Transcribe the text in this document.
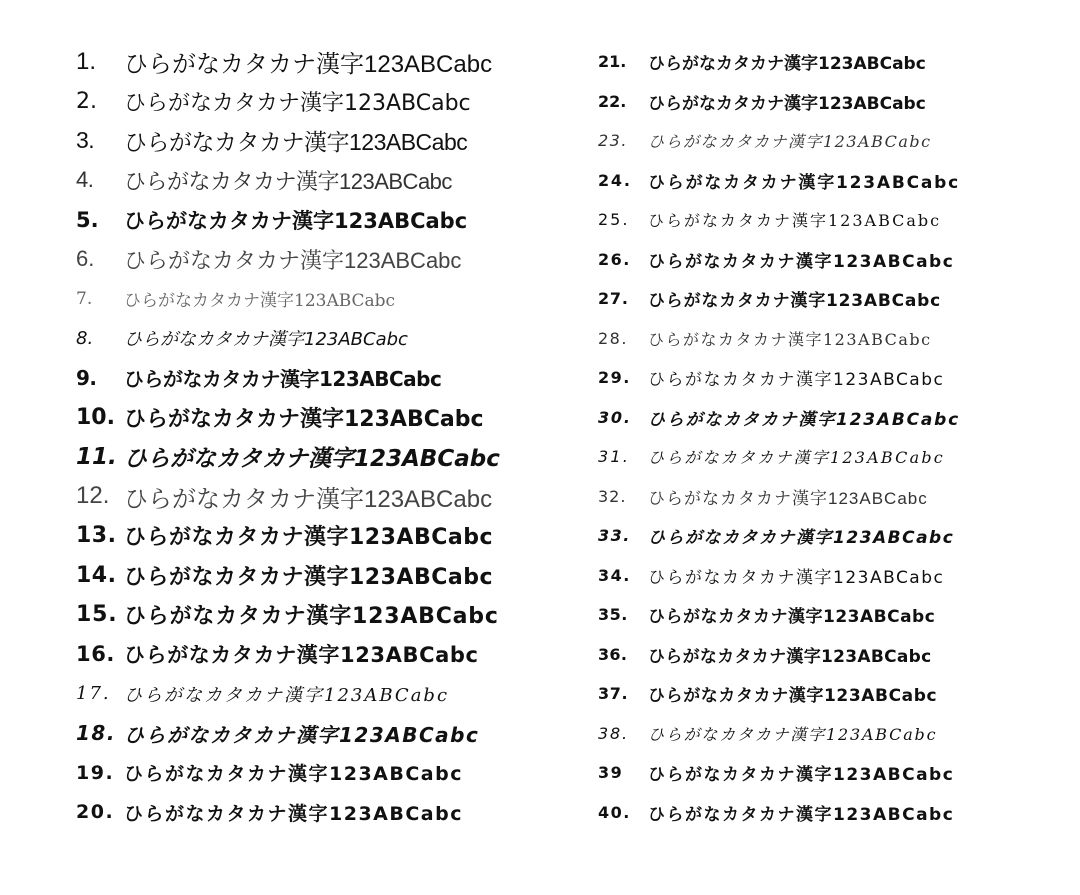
1.	ひらがなカタカナ漢字123ABCabc
2.	ひらがなカタカナ漢字123ABCabc
3.	ひらがなカタカナ漢字123ABCabc
4.	ひらがなカタカナ漢字123ABCabc
5.	ひらがなカタカナ漢字123ABCabc
6.	ひらがなカタカナ漢字123ABCabc
7.	ひらがなカタカナ漢字123ABCabc
8.	ひらがなカタカナ漢字123ABCabc
9.	ひらがなカタカナ漢字123ABCabc
10. ひらがなカタカナ漢字123ABCabc
11. ひらがなカタカナ漢字123ABCabc
12. ひらがなカタカナ漢字123ABCabc
13. ひらがなカタカナ漢字123ABCabc
14. ひらがなカタカナ漢字123ABCabc
15. ひらがなカタカナ漢字123ABCabc
16. ひらがなカタカナ漢字123ABCabc
17. ひらがなカタカナ漢字123ABCabc
18. ひらがなカタカナ漢字123ABCabc
19. ひらがなカタカナ漢字123ABCabc
20. ひらがなカタカナ漢字123ABCabc
21.	ひらがなカタカナ漢字123ABCabc
22.	ひらがなカタカナ漢字123ABCabc
23.	ひらがなカタカナ漢字123ABCabc
24. ひらがなカタカナ漢字123ABCabc
25.	ひらがなカタカナ漢字123ABCabc
26.	ひらがなカタカナ漢字123ABCabc
27.	ひらがなカタカナ漢字123ABCabc
28.	ひらがなカタカナ漢字123ABCabc
29.	ひらがなカタカナ漢字123ABCabc
30. ひらがなカタカナ漢字123ABCabc
31.	ひらがなカタカナ漢字123ABCabc
32.	ひらがなカタカナ漢字123ABCabc
33.	ひらがなカタカナ漢字123ABCabc
34.	ひらがなカタカナ漢字123ABCabc
35.	ひらがなカタカナ漢字123ABCabc
36.	ひらがなカタカナ漢字123ABCabc
37.	ひらがなカタカナ漢字123ABCabc
38.	ひらがなカタカナ漢字123ABCabc
39	ひらがなカタカナ漢字123ABCabc
40.	ひらがなカタカナ漢字123ABCabc
